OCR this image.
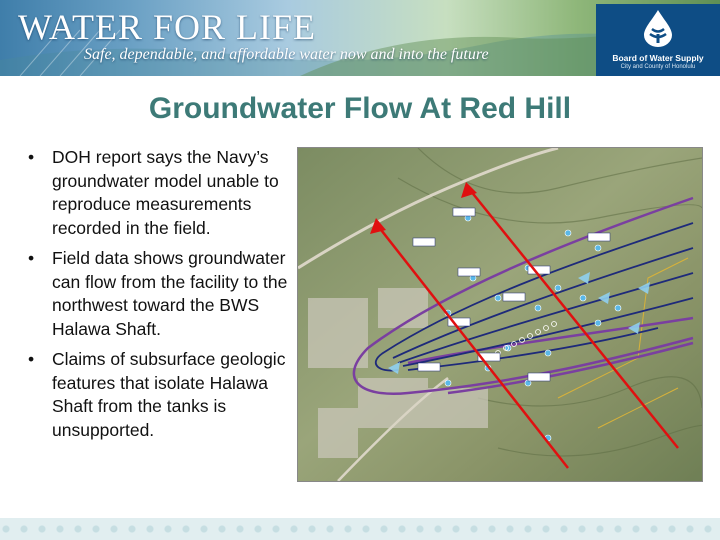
WATER FOR LIFE

Safe, dependable, and affordable water now and into the future	Board of Water Supply

City and County of Honolulu

Groundwater Flow At Red Hill
• DOH report says the Navy’s groundwater model unable to reproduce measurements recorded in the field.
• Field data shows groundwater can flow from the facility to the northwest toward the BWS Halawa Shaft.
• Claims of subsurface geologic features that isolate Halawa Shaft from the tanks is unsupported.
